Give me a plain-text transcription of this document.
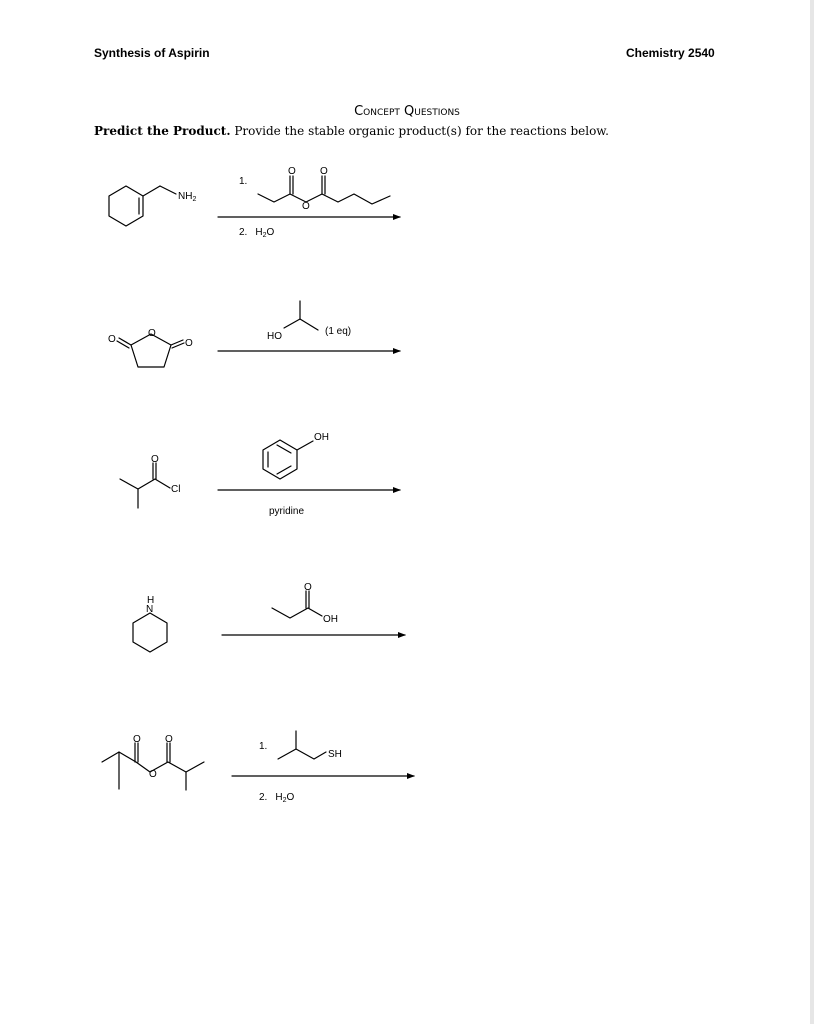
Synthesis of Aspirin	Chemistry 2540
Concept Questions
Predict the Product. Provide the stable organic product(s) for the reactions below.
$NH_2$
1.
O O
O
2. $H_2O$
O
O	O
HO	(1 eq)
O
Cl
OH
pyridine
H
N
O
OH
O O
O
1.
SH
2. $H_2O$
